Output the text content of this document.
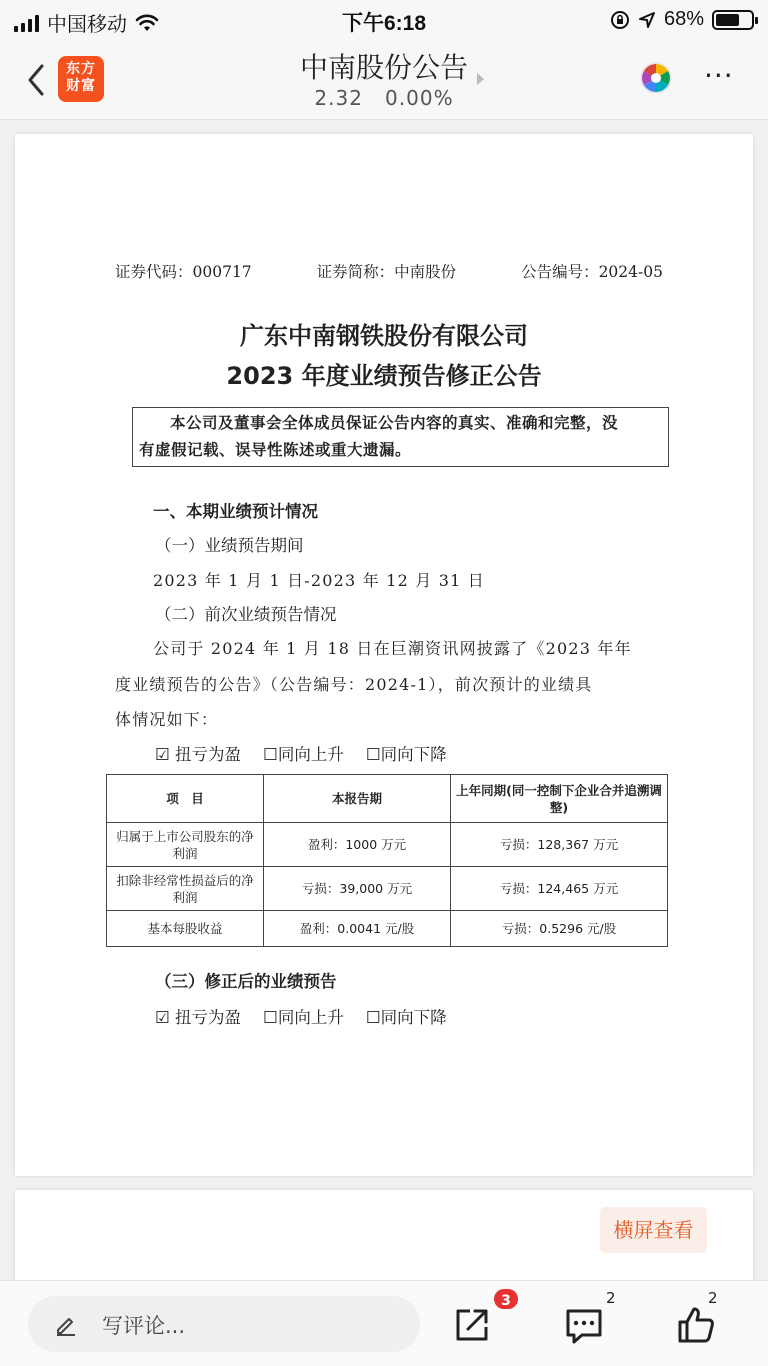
中国移动	下午6:18	68%
东方
财富
中南股份公告
2.32 0.00%
···
证券代码：000717	证券简称：中南股份	公告编号：2024-05
广东中南钢铁股份有限公司
2023 年度业绩预告修正公告
本公司及董事会全体成员保证公告内容的真实、准确和完整，没
有虚假记载、误导性陈述或重大遗漏。
一、本期业绩预计情况
（一）业绩预告期间
2023 年 1 月 1 日-2023 年 12 月 31 日
（二）前次业绩预告情况
公司于 2024 年 1 月 18 日在巨潮资讯网披露了《2023 年年
度业绩预告的公告》（公告编号：2024-1），前次预计的业绩具
体情况如下：
☑ 扭亏为盈 ☐同向上升 ☐同向下降
项　目	本报告期	上年同期(同一控制下企业合并追溯调整)
归属于上市公司股东的净利润	盈利：1000 万元	亏损：128,367 万元
扣除非经常性损益后的净利润	亏损：39,000 万元	亏损：124,465 万元
基本每股收益	盈利：0.0041 元/股	亏损：0.5296 元/股
（三）修正后的业绩预告
☑ 扭亏为盈 ☐同向上升 ☐同向下降
横屏查看
写评论...
3	2	2
